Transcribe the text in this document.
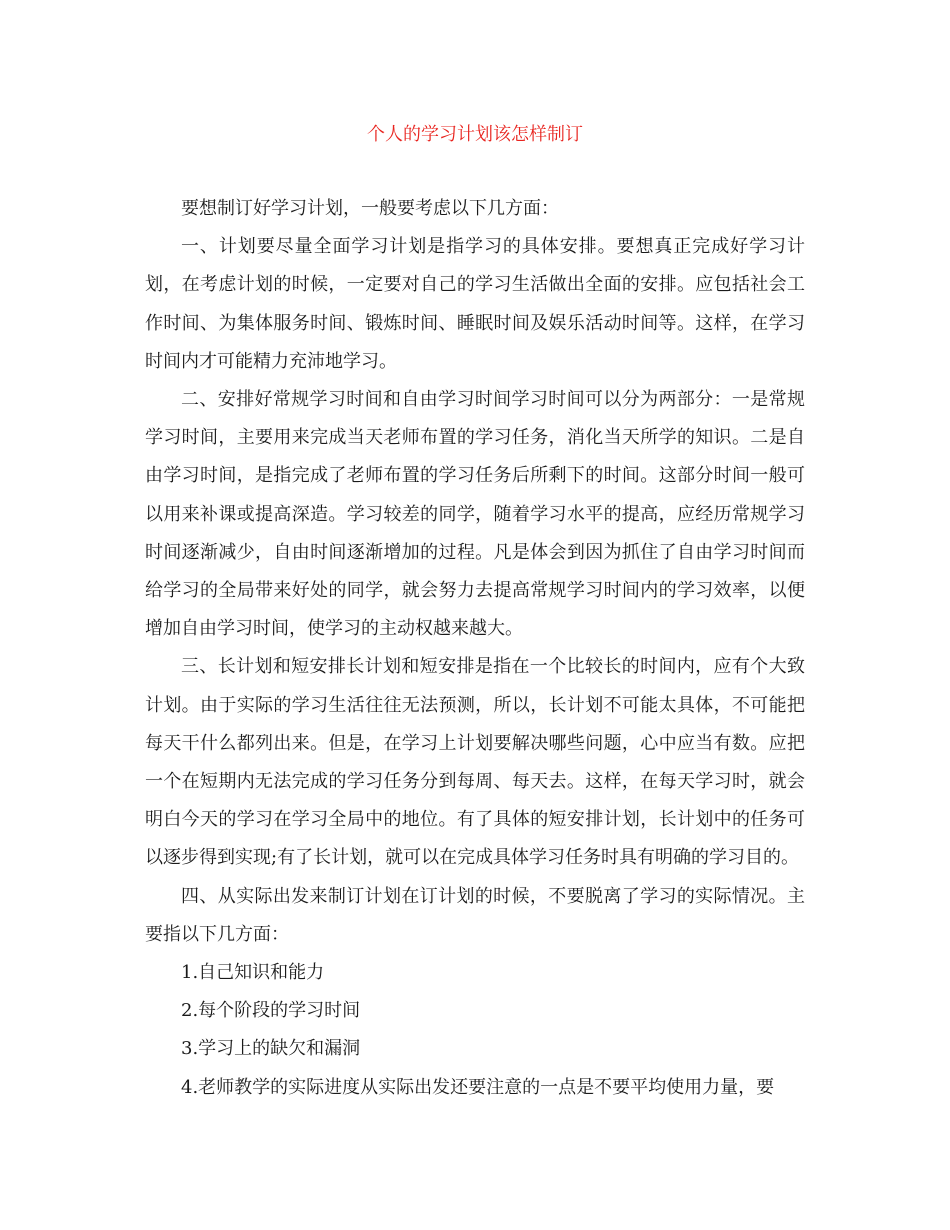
个人的学习计划该怎样制订

要想制订好学习计划，一般要考虑以下几方面：

一、计划要尽量全面学习计划是指学习的具体安排。要想真正完成好学习计划，在考虑计划的时候，一定要对自己的学习生活做出全面的安排。应包括社会工作时间、为集体服务时间、锻炼时间、睡眠时间及娱乐活动时间等。这样，在学习时间内才可能精力充沛地学习。

二、安排好常规学习时间和自由学习时间学习时间可以分为两部分：一是常规学习时间，主要用来完成当天老师布置的学习任务，消化当天所学的知识。二是自由学习时间，是指完成了老师布置的学习任务后所剩下的时间。这部分时间一般可以用来补课或提高深造。学习较差的同学，随着学习水平的提高，应经历常规学习时间逐渐减少，自由时间逐渐增加的过程。凡是体会到因为抓住了自由学习时间而给学习的全局带来好处的同学，就会努力去提高常规学习时间内的学习效率，以便增加自由学习时间，使学习的主动权越来越大。

三、长计划和短安排长计划和短安排是指在一个比较长的时间内，应有个大致计划。由于实际的学习生活往往无法预测，所以，长计划不可能太具体，不可能把每天干什么都列出来。但是，在学习上计划要解决哪些问题，心中应当有数。应把一个在短期内无法完成的学习任务分到每周、每天去。这样，在每天学习时，就会明白今天的学习在学习全局中的地位。有了具体的短安排计划，长计划中的任务可以逐步得到实现;有了长计划，就可以在完成具体学习任务时具有明确的学习目的。

四、从实际出发来制订计划在订计划的时候，不要脱离了学习的实际情况。主要指以下几方面：

1.自己知识和能力

2.每个阶段的学习时间

3.学习上的缺欠和漏洞

4.老师教学的实际进度从实际出发还要注意的一点是不要平均使用力量，要
